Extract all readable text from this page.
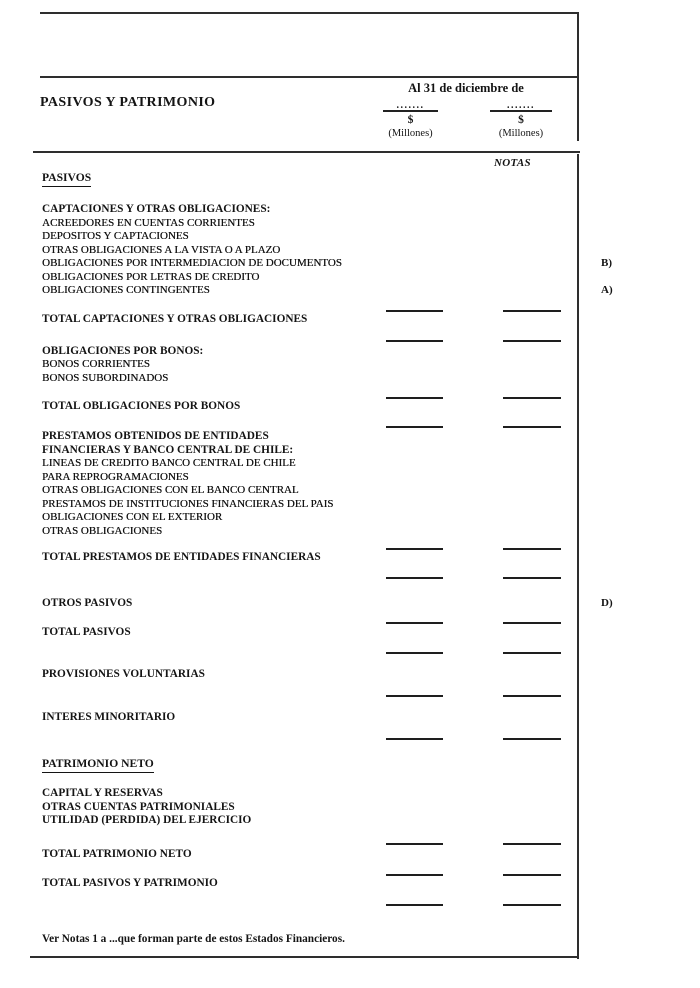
PASIVOS Y PATRIMONIO
Al 31 de diciembre de
.......
$
(Millones)
.......
$
(Millones)
NOTAS
PASIVOS
CAPTACIONES Y OTRAS OBLIGACIONES:
ACREEDORES EN CUENTAS CORRIENTES
DEPOSITOS Y CAPTACIONES
OTRAS OBLIGACIONES A LA VISTA O A PLAZO
OBLIGACIONES POR INTERMEDIACION DE DOCUMENTOS	B)
OBLIGACIONES POR LETRAS DE CREDITO
OBLIGACIONES CONTINGENTES	A)
TOTAL CAPTACIONES Y OTRAS OBLIGACIONES
OBLIGACIONES POR BONOS:
BONOS CORRIENTES
BONOS SUBORDINADOS
TOTAL OBLIGACIONES POR BONOS
PRESTAMOS OBTENIDOS DE ENTIDADES
FINANCIERAS Y BANCO CENTRAL DE CHILE:
LINEAS DE CREDITO BANCO CENTRAL DE CHILE
PARA REPROGRAMACIONES
OTRAS OBLIGACIONES CON EL BANCO CENTRAL
PRESTAMOS DE INSTITUCIONES FINANCIERAS DEL PAIS
OBLIGACIONES CON EL EXTERIOR
OTRAS OBLIGACIONES
TOTAL PRESTAMOS DE ENTIDADES FINANCIERAS
OTROS PASIVOS	D)
TOTAL PASIVOS
PROVISIONES VOLUNTARIAS
INTERES MINORITARIO
PATRIMONIO NETO
CAPITAL Y RESERVAS
OTRAS CUENTAS PATRIMONIALES
UTILIDAD (PERDIDA) DEL EJERCICIO
TOTAL PATRIMONIO NETO
TOTAL PASIVOS Y PATRIMONIO
Ver Notas 1 a ...que forman parte de estos Estados Financieros.
